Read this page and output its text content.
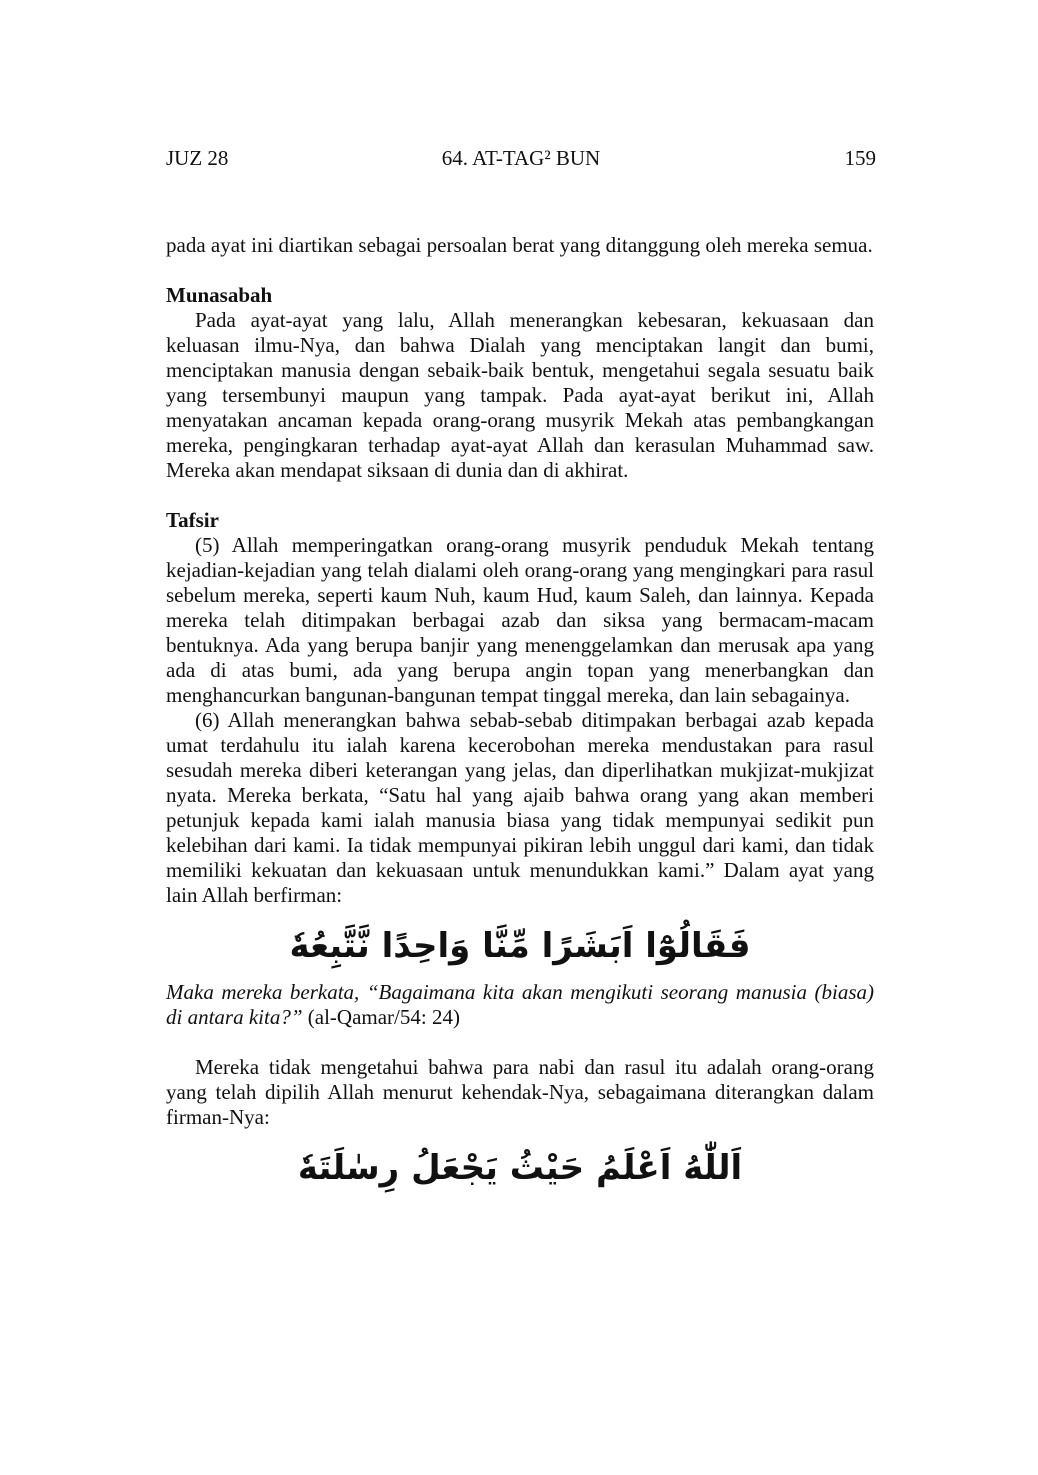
JUZ 28	64. AT-TAG² BUN	159

pada ayat ini diartikan sebagai persoalan berat yang ditanggung oleh mereka semua.

Munasabah

Pada ayat-ayat yang lalu, Allah menerangkan kebesaran, kekuasaan dan keluasan ilmu-Nya, dan bahwa Dialah yang menciptakan langit dan bumi, menciptakan manusia dengan sebaik-baik bentuk, mengetahui segala sesuatu baik yang tersembunyi maupun yang tampak. Pada ayat-ayat berikut ini, Allah menyatakan ancaman kepada orang-orang musyrik Mekah atas pembangkangan mereka, pengingkaran terhadap ayat-ayat Allah dan kerasulan Muhammad saw. Mereka akan mendapat siksaan di dunia dan di akhirat.

Tafsir

(5) Allah memperingatkan orang-orang musyrik penduduk Mekah tentang kejadian-kejadian yang telah dialami oleh orang-orang yang mengingkari para rasul sebelum mereka, seperti kaum Nuh, kaum Hud, kaum Saleh, dan lainnya. Kepada mereka telah ditimpakan berbagai azab dan siksa yang bermacam-macam bentuknya. Ada yang berupa banjir yang menenggelamkan dan merusak apa yang ada di atas bumi, ada yang berupa angin topan yang menerbangkan dan menghancurkan bangunan-bangunan tempat tinggal mereka, dan lain sebagainya.

(6) Allah menerangkan bahwa sebab-sebab ditimpakan berbagai azab kepada umat terdahulu itu ialah karena kecerobohan mereka mendustakan para rasul sesudah mereka diberi keterangan yang jelas, dan diperlihatkan mukjizat-mukjizat nyata. Mereka berkata, “Satu hal yang ajaib bahwa orang yang akan memberi petunjuk kepada kami ialah manusia biasa yang tidak mempunyai sedikit pun kelebihan dari kami. Ia tidak mempunyai pikiran lebih unggul dari kami, dan tidak memiliki kekuatan dan kekuasaan untuk menundukkan kami.” Dalam ayat yang lain Allah berfirman:

فَقَالُوْٓا اَبَشَرًا مِّنَّا وَاحِدًا نَّتَّبِعُهٗ

Maka mereka berkata, “Bagaimana kita akan mengikuti seorang manusia (biasa) di antara kita?” (al-Qamar/54: 24)

Mereka tidak mengetahui bahwa para nabi dan rasul itu adalah orang-orang yang telah dipilih Allah menurut kehendak-Nya, sebagaimana diterangkan dalam firman-Nya:

اَللّٰهُ اَعْلَمُ حَيْثُ يَجْعَلُ رِسٰلَتَهٗ
